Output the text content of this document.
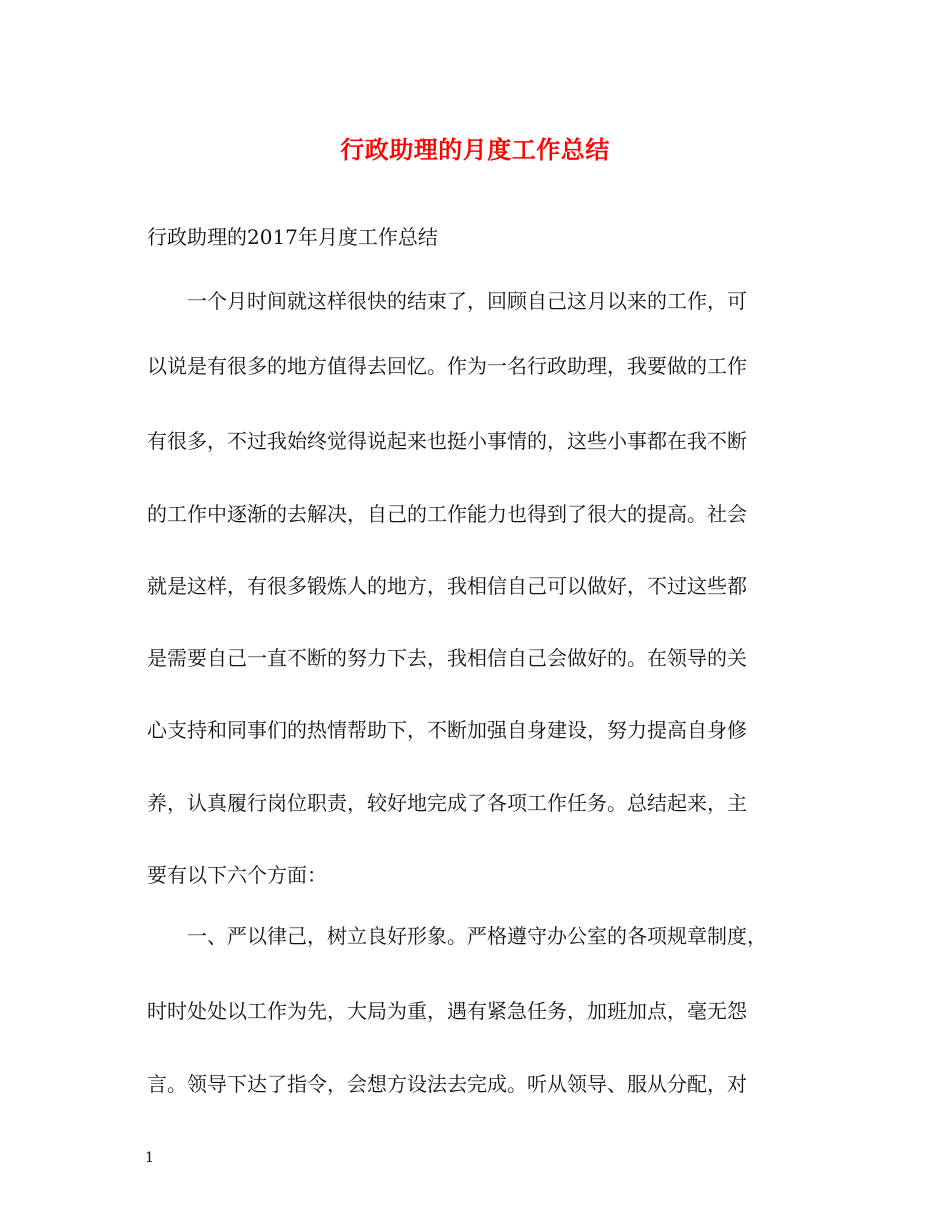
行政助理的月度工作总结
行政助理的2017年月度工作总结
一个月时间就这样很快的结束了，回顾自己这月以来的工作，可
以说是有很多的地方值得去回忆。作为一名行政助理，我要做的工作
有很多，不过我始终觉得说起来也挺小事情的，这些小事都在我不断
的工作中逐渐的去解决，自己的工作能力也得到了很大的提高。社会
就是这样，有很多锻炼人的地方，我相信自己可以做好，不过这些都
是需要自己一直不断的努力下去，我相信自己会做好的。在领导的关
心支持和同事们的热情帮助下，不断加强自身建设，努力提高自身修
养，认真履行岗位职责，较好地完成了各项工作任务。总结起来，主
要有以下六个方面：
一、严以律己，树立良好形象。严格遵守办公室的各项规章制度，
时时处处以工作为先，大局为重，遇有紧急任务，加班加点，毫无怨
言。领导下达了指令，会想方设法去完成。听从领导、服从分配，对
1
